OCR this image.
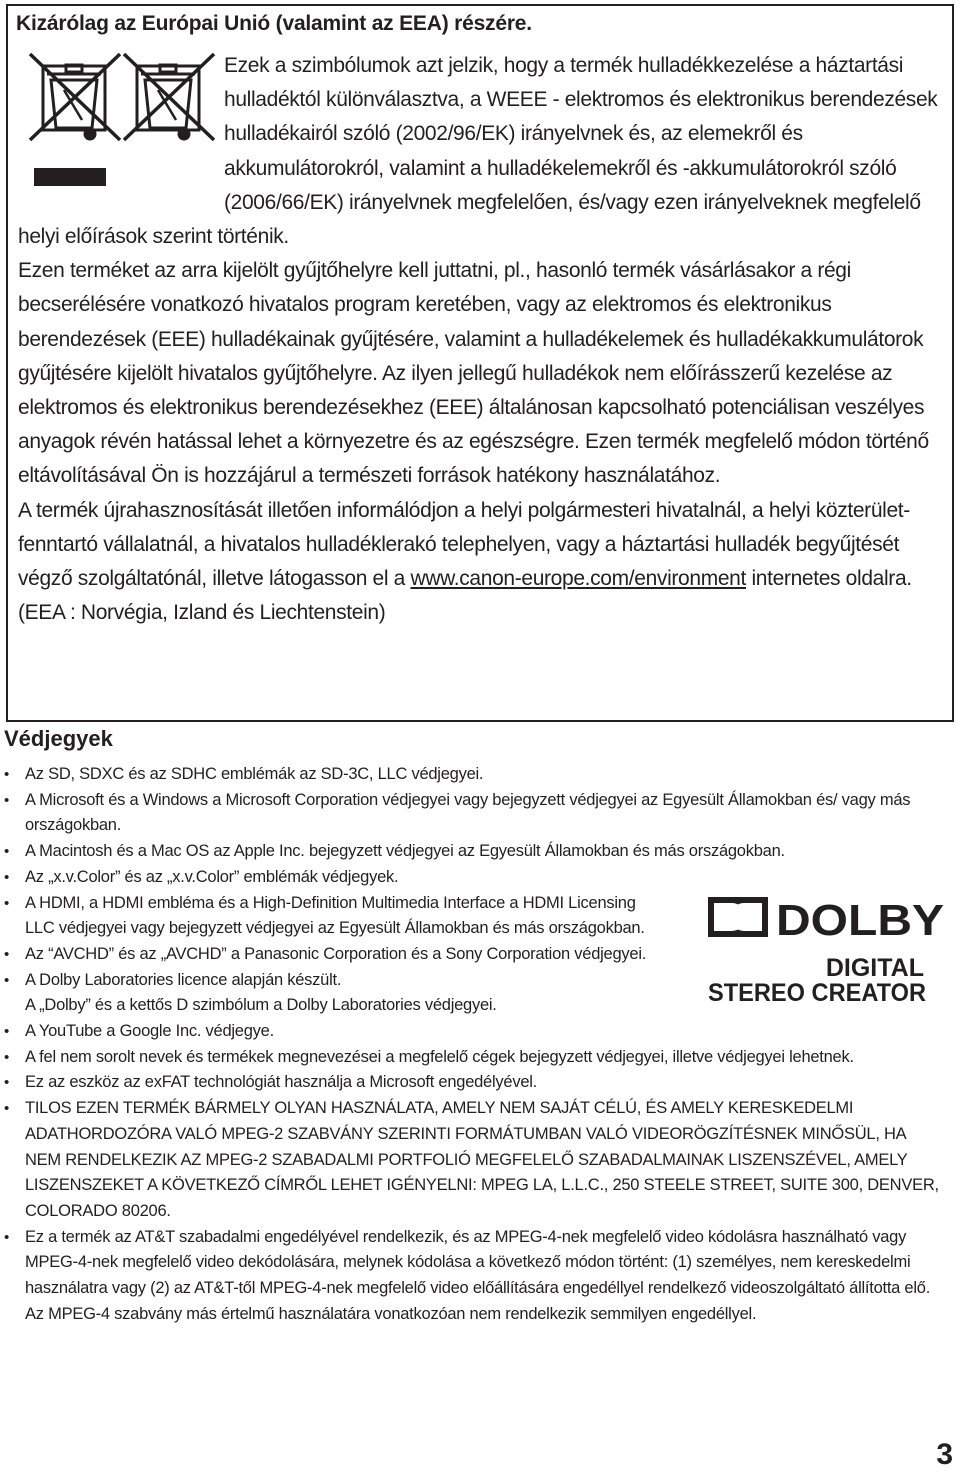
Kizárólag az Európai Unió (valamint az EEA) részére.

Ezek a szimbólumok azt jelzik, hogy a termék hulladékkezelése a háztartási hulladéktól különválasztva, a WEEE - elektromos és elektronikus berendezések hulladékairól szóló (2002/96/EK) irányelvnek és, az elemekről és akkumulátorokról, valamint a hulladékelemekről és -akkumulátorokról szóló (2006/66/EK) irányelvnek megfelelően, és/vagy ezen irányelveknek megfelelő helyi előírások szerint történik.

Ezen terméket az arra kijelölt gyűjtőhelyre kell juttatni, pl., hasonló termék vásárlásakor a régi becserélésére vonatkozó hivatalos program keretében, vagy az elektromos és elektronikus berendezések (EEE) hulladékainak gyűjtésére, valamint a hulladékelemek és hulladékakkumulátorok gyűjtésére kijelölt hivatalos gyűjtőhelyre. Az ilyen jellegű hulladékok nem előírásszerű kezelése az elektromos és elektronikus berendezésekhez (EEE) általánosan kapcsolható potenciálisan veszélyes anyagok révén hatással lehet a környezetre és az egészségre. Ezen termék megfelelő módon történő eltávolításával Ön is hozzájárul a természeti források hatékony használatához.

A termék újrahasznosítását illetően informálódjon a helyi polgármesteri hivatalnál, a helyi közterület-fenntartó vállalatnál, a hivatalos hulladéklerakó telephelyen, vagy a háztartási hulladék begyűjtését végző szolgáltatónál, illetve látogasson el a www.canon-europe.com/environment internetes oldalra.

(EEA : Norvégia, Izland és Liechtenstein)

Védjegyek
• Az SD, SDXC és az SDHC emblémák az SD-3C, LLC védjegyei.
• A Microsoft és a Windows a Microsoft Corporation védjegyei vagy bejegyzett védjegyei az Egyesült Államokban és/ vagy más országokban.
• A Macintosh és a Mac OS az Apple Inc. bejegyzett védjegyei az Egyesült Államokban és más országokban.
• Az „x.v.Color” és az „x.v.Color” emblémák védjegyek.
• A HDMI, a HDMI embléma és a High-Definition Multimedia Interface a HDMI Licensing LLC védjegyei vagy bejegyzett védjegyei az Egyesült Államokban és más országokban.
• Az “AVCHD” és az „AVCHD” a Panasonic Corporation és a Sony Corporation védjegyei.
• A Dolby Laboratories licence alapján készült.
A „Dolby” és a kettős D szimbólum a Dolby Laboratories védjegyei.
• A YouTube a Google Inc. védjegye.
• A fel nem sorolt nevek és termékek megnevezései a megfelelő cégek bejegyzett védjegyei, illetve védjegyei lehetnek.
• Ez az eszköz az exFAT technológiát használja a Microsoft engedélyével.
• TILOS EZEN TERMÉK BÁRMELY OLYAN HASZNÁLATA, AMELY NEM SAJÁT CÉLÚ, ÉS AMELY KERESKEDELMI ADATHORDOZÓRA VALÓ MPEG-2 SZABVÁNY SZERINTI FORMÁTUMBAN VALÓ VIDEORÖGZÍTÉSNEK MINŐSÜL, HA NEM RENDELKEZIK AZ MPEG-2 SZABADALMI PORTFOLIÓ MEGFELELŐ SZABADALMAINAK LISZENSZÉVEL, AMELY LISZENSZEKET A KÖVETKEZŐ CÍMRŐL LEHET IGÉNYELNI: MPEG LA, L.L.C., 250 STEELE STREET, SUITE 300, DENVER, COLORADO 80206.
• Ez a termék az AT&T szabadalmi engedélyével rendelkezik, és az MPEG-4-nek megfelelő video kódolásra használható vagy MPEG-4-nek megfelelő video dekódolására, melynek kódolása a következő módon történt: (1) személyes, nem kereskedelmi használatra vagy (2) az AT&T-től MPEG-4-nek megfelelő video előállítására engedéllyel rendelkező videoszolgáltató állította elő. Az MPEG-4 szabvány más értelmű használatára vonatkozóan nem rendelkezik semmilyen engedéllyel.
DOLBY
DIGITAL
STEREO CREATOR

3
